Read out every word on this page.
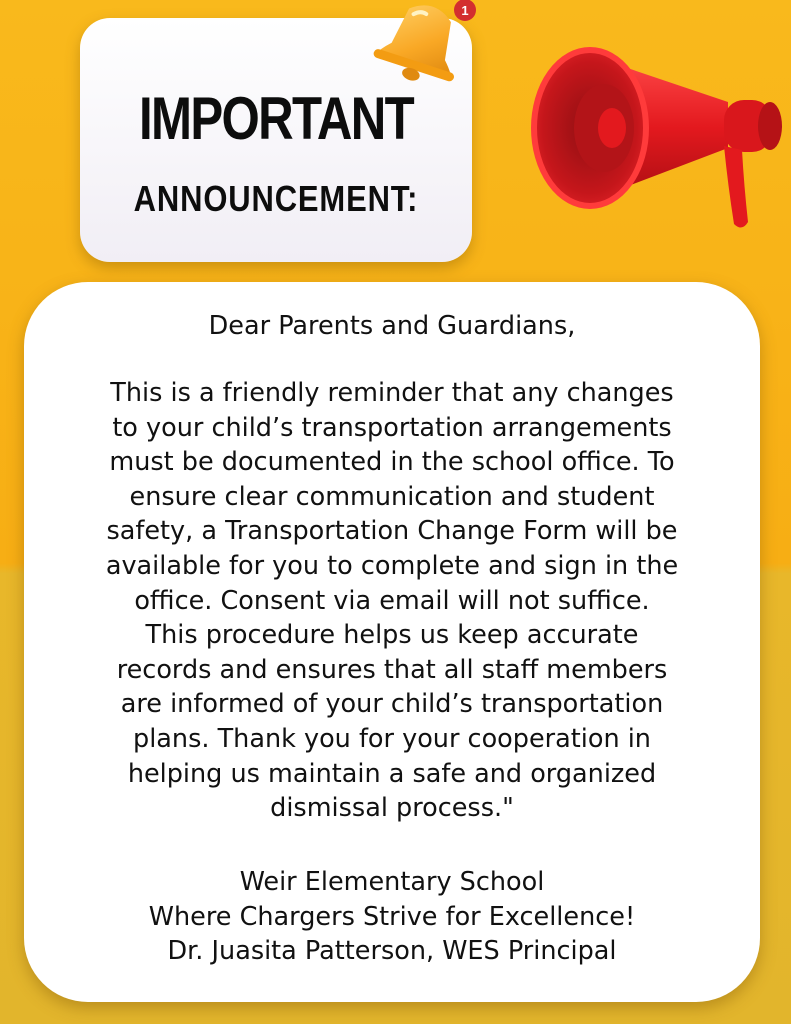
IMPORTANT
ANNOUNCEMENT:
1
Dear Parents and Guardians,
This is a friendly reminder that any changes
to your child’s transportation arrangements
must be documented in the school office. To
ensure clear communication and student
safety, a Transportation Change Form will be
available for you to complete and sign in the
office. Consent via email will not suffice.
This procedure helps us keep accurate
records and ensures that all staff members
are informed of your child’s transportation
plans. Thank you for your cooperation in
helping us maintain a safe and organized
dismissal process."
Weir Elementary School
Where Chargers Strive for Excellence!
Dr. Juasita Patterson, WES Principal
